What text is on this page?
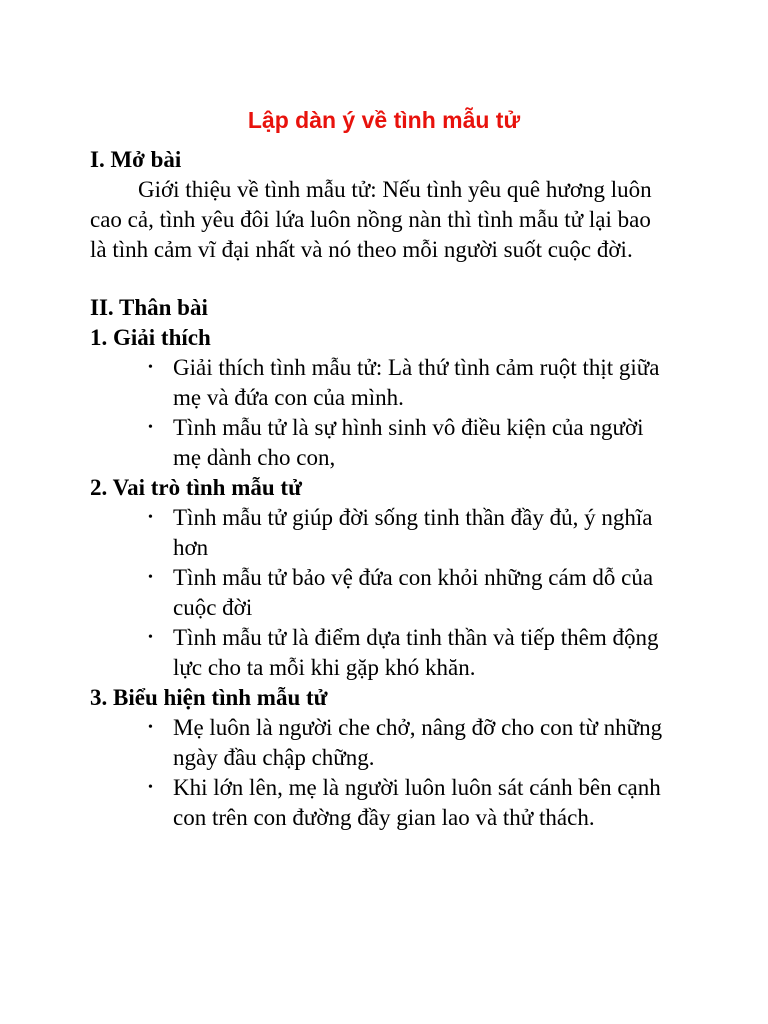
Lập dàn ý về tình mẫu tử

I. Mở bài

Giới thiệu về tình mẫu tử: Nếu tình yêu quê hương luôn cao cả, tình yêu đôi lứa luôn nồng nàn thì tình mẫu tử lại bao là tình cảm vĩ đại nhất và nó theo mỗi người suốt cuộc đời.

II. Thân bài

1. Giải thích

• Giải thích tình mẫu tử: Là thứ tình cảm ruột thịt giữa mẹ và đứa con của mình.
• Tình mẫu tử là sự hình sinh vô điều kiện của người mẹ dành cho con,

2. Vai trò tình mẫu tử

• Tình mẫu tử giúp đời sống tinh thần đầy đủ, ý nghĩa hơn
• Tình mẫu tử bảo vệ đứa con khỏi những cám dỗ của cuộc đời
• Tình mẫu tử là điểm dựa tinh thần và tiếp thêm động lực cho ta mỗi khi gặp khó khăn.

3. Biểu hiện tình mẫu tử

• Mẹ luôn là người che chở, nâng đỡ cho con từ những ngày đầu chập chững.
• Khi lớn lên, mẹ là người luôn luôn sát cánh bên cạnh con trên con đường đầy gian lao và thử thách.
